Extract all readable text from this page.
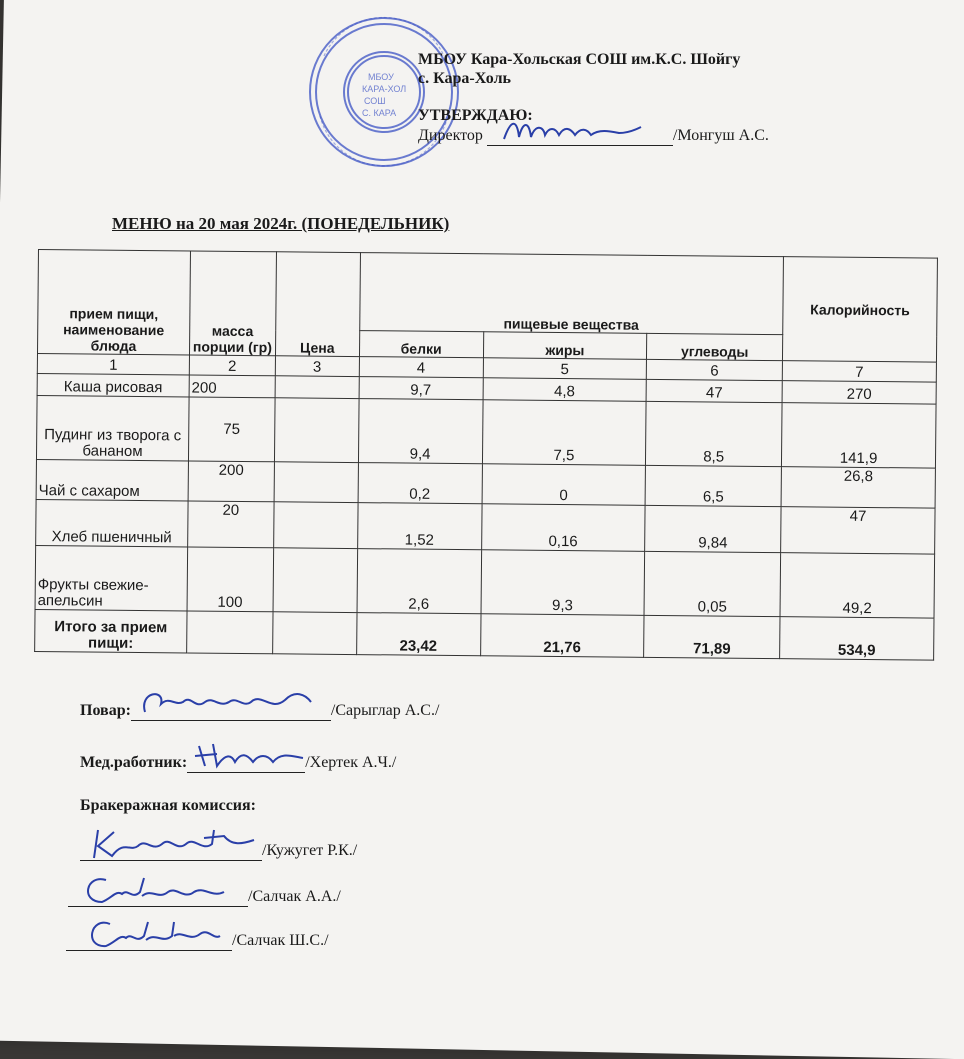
МБОУ
КАРА-ХОЛ
СОШ
С. КАРА
МБОУ Кара-Хольская СОШ им.К.С. Шойгу
с. Кара-Холь
УТВЕРЖДАЮ:
Директор	/Монгуш А.С.
МЕНЮ на 20 мая 2024г. (ПОНЕДЕЛЬНИК)
прием пищи, наименование блюда	масса порции (гр)	Цена	пищевые вещества			Калорийность
			белки	жиры	углеводы	
1	2	3	4	5	6	7
Каша рисовая	200		9,7	4,8	47	270
Пудинг из творога с бананом	75		9,4	7,5	8,5	141,9
Чай с сахаром	200		0,2	0	6,5	26,8
Хлеб пшеничный	20		1,52	0,16	9,84	47
Фрукты свежие-апельсин	100		2,6	9,3	0,05	49,2
Итого за прием пищи:			23,42	21,76	71,89	534,9
Повар:	/Сарыглар А.С./
Мед.работник:	/Хертек А.Ч./
Бракеражная комиссия:
/Кужугет Р.К./
/Салчак А.А./
/Салчак Ш.С./
